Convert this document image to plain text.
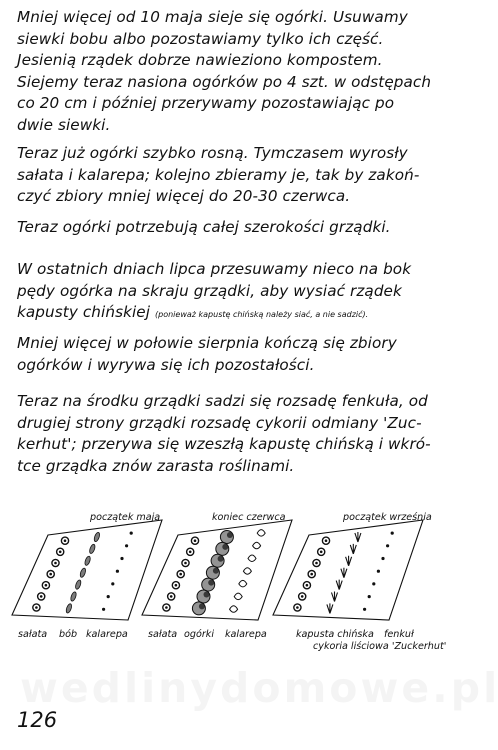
Mniej więcej od 10 maja sieje się ogórki. Usuwamy
siewki bobu albo pozostawiamy tylko ich część.
Jesienią rządek dobrze nawieziono kompostem.
Siejemy teraz nasiona ogórków po 4 szt. w odstępach
co 20 cm i później przerywamy pozostawiając po
dwie siewki.

Teraz już ogórki szybko rosną. Tymczasem wyrosły
sałata i kalarepa; kolejno zbieramy je, tak by zakoń-
czyć zbiory mniej więcej do 20-30 czerwca.

Teraz ogórki potrzebują całej szerokości grządki.

W ostatnich dniach lipca przesuwamy nieco na bok
pędy ogórka na skraju grządki, aby wysiać rządek
kapusty chińskiej (ponieważ kapustę chińską należy siać, a nie sadzić).

Mniej więcej w połowie sierpnia kończą się zbiory
ogórków i wyrywa się ich pozostałości.

Teraz na środku grządki sadzi się rozsadę fenkuła, od
drugiej strony grządki rozsadę cykorii odmiany 'Zuc-
kerhut'; przerywa się wzeszłą kapustę chińską i wkró-
tce grządka znów zarasta roślinami.

początek maja	koniec czerwca	początek września
sałata bób kalarepa sałata ogórki kalarepa	kapusta chińska fenkuł
cykoria liściowa 'Zuckerhut'
126
